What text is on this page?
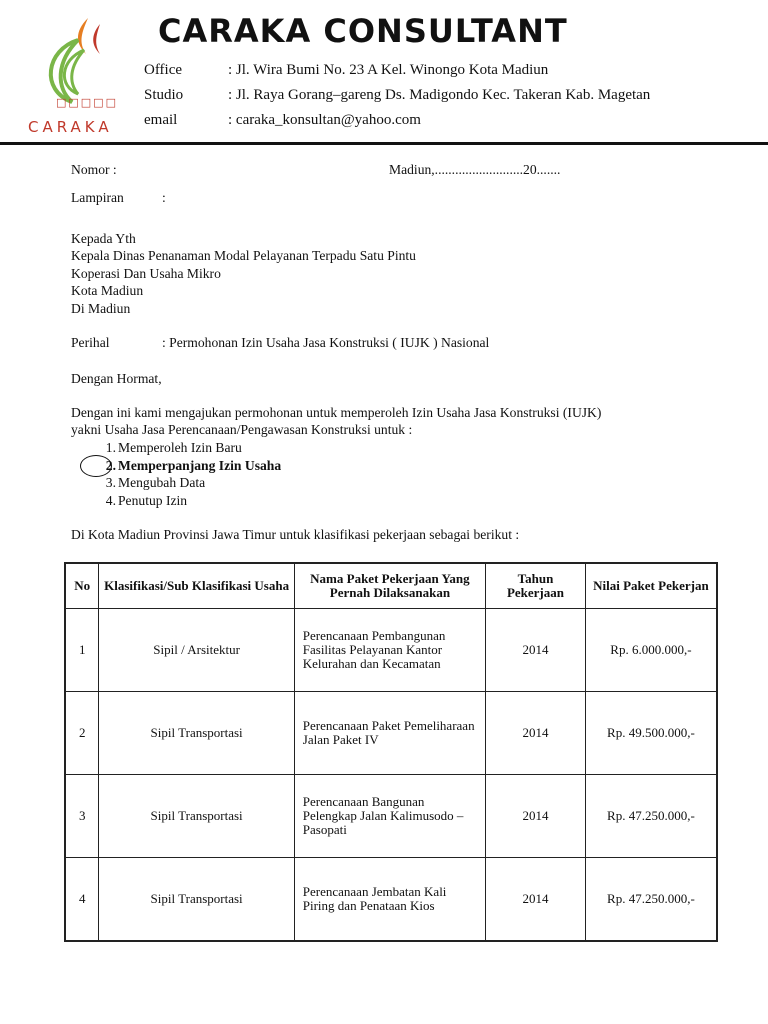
□□□□□
CARAKA
CARAKA CONSULTANT
Office	: Jl. Wira Bumi No. 23 A Kel. Winongo Kota Madiun
Studio	: Jl. Raya Gorang–gareng Ds. Madigondo Kec. Takeran Kab. Magetan
email	: caraka_konsultan@yahoo.com
Nomor :	Madiun,..........................20.......
Lampiran	:
Kepada Yth
Kepala Dinas Penanaman Modal Pelayanan Terpadu Satu Pintu
Koperasi Dan Usaha Mikro
Kota Madiun
Di Madiun
Perihal	: Permohonan Izin Usaha Jasa Konstruksi ( IUJK ) Nasional
Dengan Hormat,
Dengan ini kami mengajukan permohonan untuk memperoleh Izin Usaha Jasa Konstruksi (IUJK)
yakni Usaha Jasa Perencanaan/Pengawasan Konstruksi untuk :
1. Memperoleh Izin Baru
2. Memperpanjang Izin Usaha
3. Mengubah Data
4. Penutup Izin
Di Kota Madiun Provinsi Jawa Timur untuk klasifikasi pekerjaan sebagai berikut :
No	Klasifikasi/Sub Klasifikasi Usaha	Nama Paket Pekerjaan Yang Pernah Dilaksanakan	Tahun Pekerjaan	Nilai Paket Pekerjan
1	Sipil / Arsitektur	Perencanaan Pembangunan Fasilitas Pelayanan Kantor Kelurahan dan Kecamatan	2014	Rp. 6.000.000,-
2	Sipil Transportasi	Perencanaan Paket Pemeliharaan Jalan Paket IV	2014	Rp. 49.500.000,-
3	Sipil Transportasi	Perencanaan Bangunan Pelengkap Jalan Kalimusodo – Pasopati	2014	Rp. 47.250.000,-
4	Sipil Transportasi	Perencanaan Jembatan Kali Piring dan Penataan Kios	2014	Rp. 47.250.000,-
